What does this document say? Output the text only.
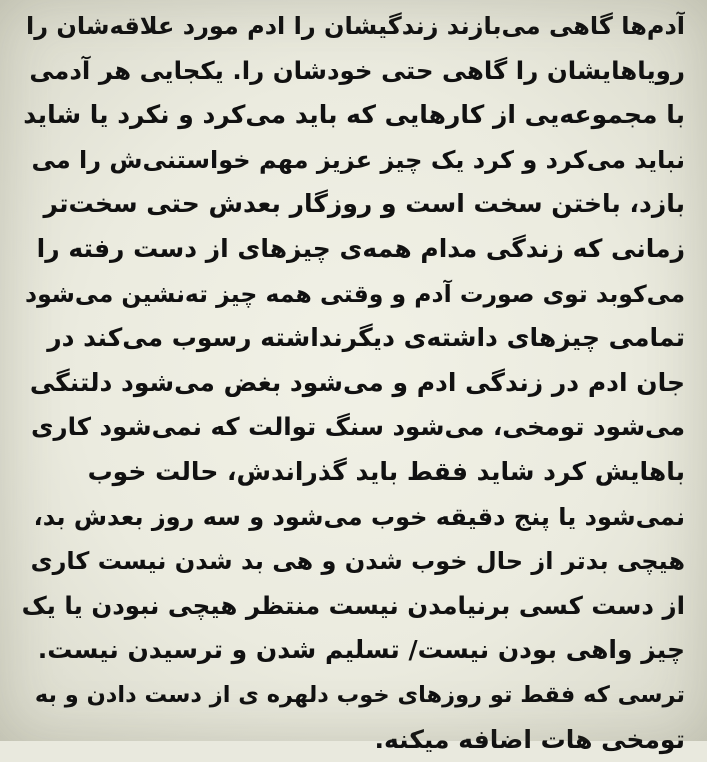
آدم‌ها گاهی می‌بازند زندگیشان را ادم مورد علاقه‌شان را
رویاهایشان را گاهی حتی خودشان را. یکجایی هر آدمی
با مجموعه‌یی از کارهایی که باید می‌کرد و نکرد یا شاید
نباید می‌کرد و کرد یک چیز عزیز مهم خواستنی‌ش را می
بازد، باختن سخت است و روزگار بعدش حتی سخت‌تر
زمانی که زندگی مدام همه‌ی چیزهای از دست رفته را
می‌کوبد توی صورت آدم و وقتی همه چیز ته‌نشین می‌شود
تمامی چیزهای داشته‌ی دیگرنداشته رسوب می‌کند در
جان ادم در زندگی ادم و می‌شود بغض می‌شود دلتنگی
می‌شود تومخی، می‌شود سنگ توالت که نمی‌شود کاری
باهایش کرد شاید فقط باید گذراندش، حالت خوب
نمی‌شود یا پنج دقیقه خوب می‌شود و سه روز بعدش بد،
هیچی بدتر از حال خوب شدن و هی بد شدن نیست کاری
از دست کسی برنیامدن نیست منتظر هیچی نبودن یا یک
چیز واهی بودن نیست/ تسلیم شدن و ترسیدن نیست.
ترسی که فقط تو روزهای خوب دلهره ی از دست دادن و به
تومخی هات اضافه میکنه.
